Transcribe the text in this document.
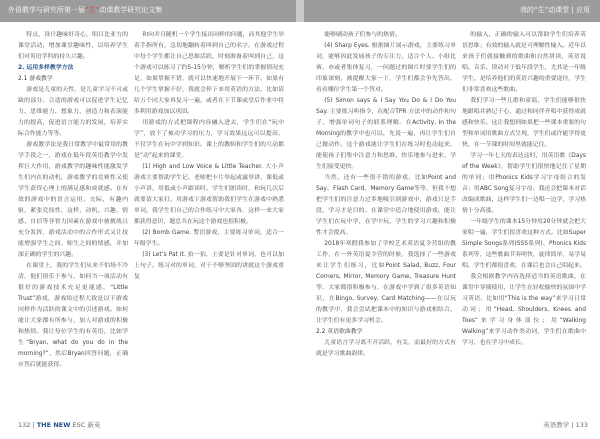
外语教学与研究所第一届“生”动课教学研究论文集	我的“生”动课堂 | 应用

特点，设计趣味好奇心，唱日比亚力的课堂活动，增加课堂趣味性，以培养学生们对英语学科的持久兴趣。

2. 运用多样教学方法

2.1 游戏教学

游戏是儿童的天性，是儿童学习不可或缺的部分。合适的游戏可以促进学生记忆力、思维能力、想象力、创造力和表演能力的提高，促进语言能力的发展，培养实际合作能力等等。

游戏教学法是我日常教学中最常用的教学手段之一，游戏在低年段英语教学中发挥巨大作用，游戏教学的趣味性能激发学生们内在的动机，游戏教学的竞赛性又使学生获得心理上的满足感和成就感。在有效的游戏中的语言运用，交际，有趣内驱，紧张竞技性，这样，动机、兴趣、情感、自信等非智力因素在游戏中被挑战且充分发挥，游戏活动中的合作形式又让技能增强学生之间、师生之间的情感，并加深正确的学生的兴趣。

在课堂上，我的学生们从来不怕场不冷清，他们很乐于参与，如何当一项活动有很好的游戏技术充足更能感，“Little Trust”游戏，游戏给过程大致是以下游戏同样作为活跃的课文中的引述游戏。如何能让大家都有所参与，加人对游戏的积极和热情。我让每位学生的有英语，比如学生“Bryan, what do you do in the morning?”，然后Bryan回答问题，正确应答后就能获得。

和向并且随机一个学生接出同样的问题，而其他学生举着手指所有，急切地翻转着叫到自己的名字。在游戏过程中每个学生都让自己思维活跃，时刻准备着叫到自己，这个游戏可以练习了约5-15分钟，解析学生们的掌握情况充足，如果掌握不错，就可以快速地开展下一环节。如果有几个学生掌握不好，我就会停下来用英语的方法，比如请给五个同大家再复习一遍，或者在下节课或堂后作业中将多利用游戏加以巩固。

用游戏的方式把课程内容融入进去，学生们在“玩中学”，放下了被动学习的压力，学习效果远远可以提高，不仅学生在玩中学到知识。课上的教师和学生们的互动都是“动”起来的课堂。

(1) High and Low Voice & Little Teacher. 大小声游戏主要帮助学生记、老师把卡片举起或露举讲，课低或小声讲，用低或小声跟读时。学生们朗读时，和玩几次后就要请大家打。用游戏下游戏帮助我们学生在游戏中熟悉单词，我学生们自己的合作练习中大家各，这样一来大家都获得意识，题总共在玩这个游戏也很积极。

(2) Bomb Game. 警语游戏，主要练习单词，适合一年级学生。

(3) Let’s Pat It. 拍一拍，主要是针对单词，也可以加上句子。练习对的单词，对于不够坚固的讲就这个游戏重复

能够刷动孩子们参与的热情。

(4) Sharp Eyes. 根据图片展示游戏，主要练习单词，能够因此发展孩子的专注力，适合个人、小组比赛，亦或者集体复习，一问题过的图片时要学生们的印象深刻，被提醒大家一下，学生们都会争先答出，看看哪位学生第一个答对。

(5) Simon says & I Say You Do & I Do You Say. 主要练习听指令，在配合TPR 方法中的动作和句子，增强单词句子的联系理解。在Activity, In the Morning的教学中也可以，先说一遍，再让学生们自己做动作。这个游戏能让学生们在练习时也动起来，能使孩子们集中注意力和思维，快乐地参与进来，学生们接受更快。

当然，还有一些很不错的游戏，比如Point and Say、Flash Card、Memory Game等等，但我不想把学生们的注意力过多地吸引到游戏中，游戏只是手段，学习才是目的。在课堂中适合地使用游戏，能让学生们在玩中学，在学中玩，学生的学习兴趣和积极性才会提高。

2018年寒假我参加了学校艺术英语夏令营组的教工作，在一外英语夏令营的时候，我选择了一些游戏来让学生们练习，比如Point Salad, Buzz, Four Corners, Mirror, Memory Game, Treasure Hunt等，大家都很积极参与，在游戏中学到了很多英语知识，在Bingo, Survey, Card Matching——在以玩的教学中，我会尝试把课本中的知识与游戏相结合，让学生们有更多学习机会。

2.2 英语歌曲教学

儿童语言学习离不开活跃，有关，而最好的方式有就是学习歌曲韵律。

的输入，正确的输入可以帮助学生们培养英语思维；有效的输入就是可理解性输入。近年以来孩子们就接触到的歌曲和自然拼读，英语说唱、音乐、律动对于低年段学生，尤其是一年级学生，是培养他们的英语兴趣的重要途径，学生们非常喜欢这些歌曲。

我们学习一些儿歌和童谣，学生们能够很快地跟唱并熟记于心，通过和同伴齐唱中获得成就感和快乐。这让我想到如果把一些课本重要的句型和单词用歌曲方式呈现，学生们或许能学得更快，在一节课的时间里就能记住。

学习一年七天的表达这时，用英语歌《Days of the Week》，帮助学生们很快地记住了星期的单词；用Phonics Kids学习字母组合的发音；用ABC Song复习字母；我还会把课本对话改编成歌曲，这样学生们一边唱一边学，学习热情十分高涨。

一年级学生的课本15分钟用20分钟就会把大家唱一遍，学生们很喜欢这种方式。比如Super Simple Songs系列(SSS系列)、Phonics Kids系列等，这些歌曲节奏明快，旋律简单，易学易唱，学生们都很喜欢，在课后也会自己唱起来。

我会根据教学内容选择适当的英语歌曲，在课堂中穿插使用，让学生在轻松愉快的氛围中学习英语。比如用“This is the way”来学习日常动词；用“Head, Shoulders, Knees and Toes”来学习身体部位；用“Walking Walking”来学习动作类动词，学生们在歌曲中学习，也在学习中成长。

132 | THE NEW ESC 新英	英语教学 | 133
